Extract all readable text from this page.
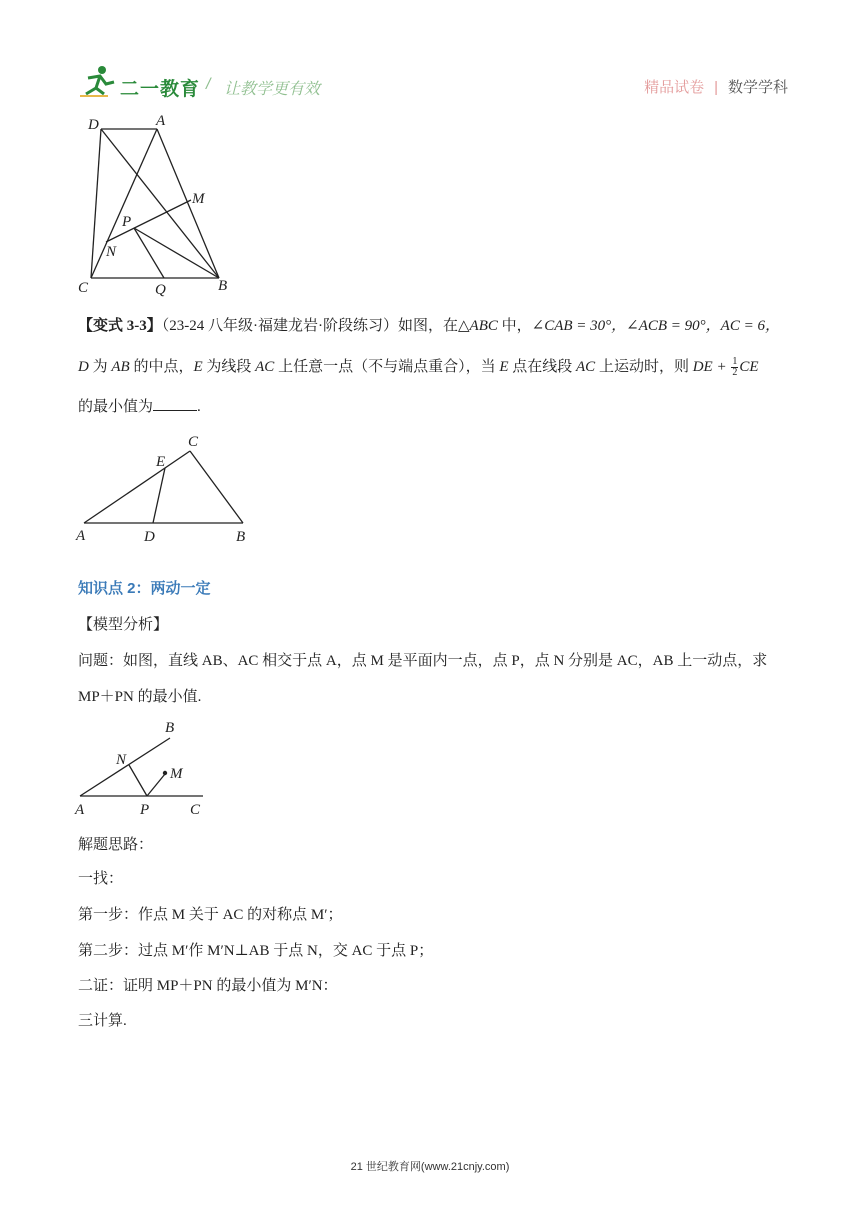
二一教育 / 让教学更有效	精品试卷 | 数学学科
D	A
M
P
N
C	Q	B
【变式 3-3】（23-24 八年级·福建龙岩·阶段练习）如图，在△ABC 中，∠CAB = 30°，∠ACB = 90°，AC = 6，
D 为 AB 的中点，E 为线段 AC 上任意一点（不与端点重合），当 E 点在线段 AC 上运动时，则 DE + $\frac{1}{2}$ CE
的最小值为	.
C
E
A	D	B
知识点 2：两动一定
【模型分析】
问题：如图，直线 AB、AC 相交于点 A，点 M 是平面内一点，点 P，点 N 分别是 AC，AB 上一动点，求
MP＋PN 的最小值.
B
N
M
A	P	C
解题思路：
一找：
第一步：作点 M 关于 AC 的对称点 M′；
第二步：过点 M′作 M′N⊥AB 于点 N，交 AC 于点 P；
二证：证明 MP＋PN 的最小值为 M′N：
三计算.
21 世纪教育网(www.21cnjy.com)
